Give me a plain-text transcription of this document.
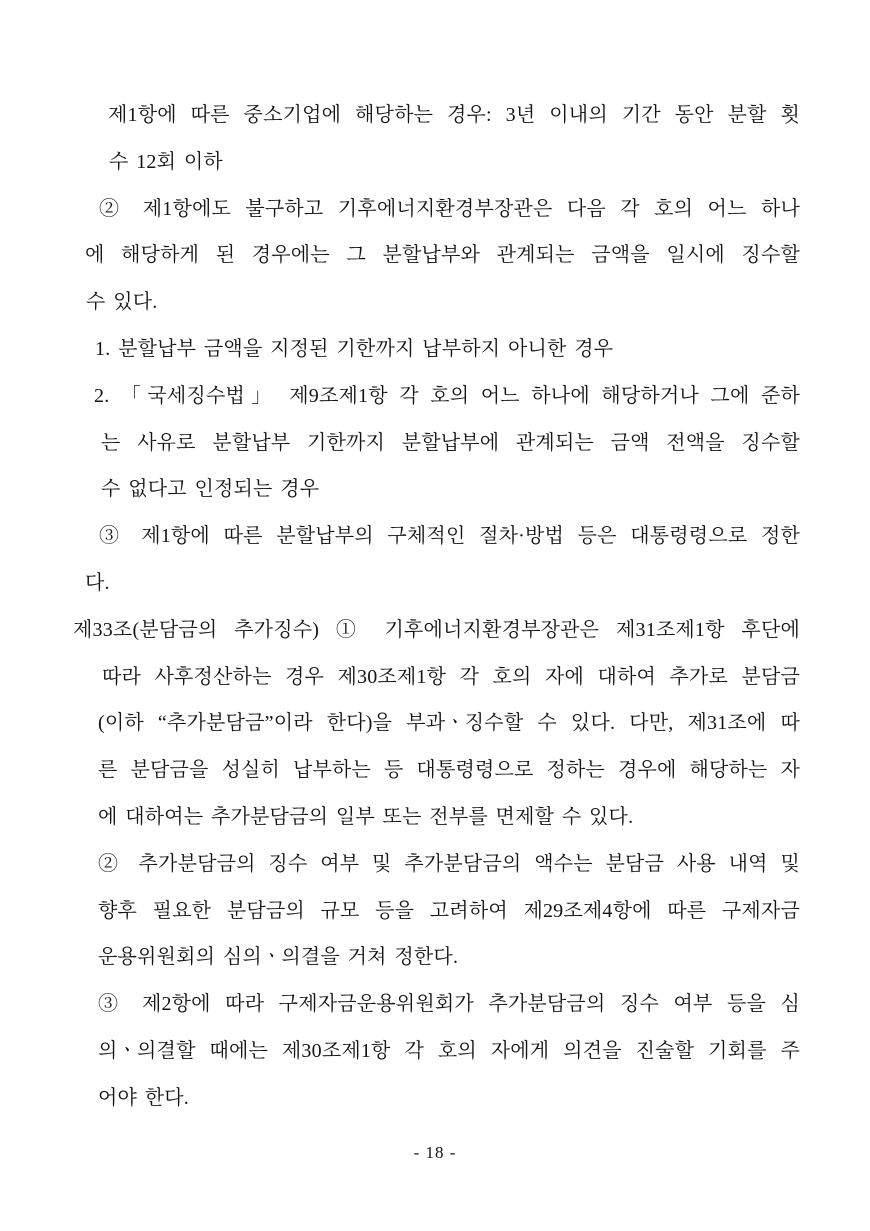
제1항에 따른 중소기업에 해당하는 경우: 3년 이내의 기간 동안 분할 횟
수 12회 이하
② 제1항에도 불구하고 기후에너지환경부장관은 다음 각 호의 어느 하나
에 해당하게 된 경우에는 그 분할납부와 관계되는 금액을 일시에 징수할
수 있다.
1. 분할납부 금액을 지정된 기한까지 납부하지 아니한 경우
2. 「국세징수법」 제9조제1항 각 호의 어느 하나에 해당하거나 그에 준하
는 사유로 분할납부 기한까지 분할납부에 관계되는 금액 전액을 징수할
수 없다고 인정되는 경우
③ 제1항에 따른 분할납부의 구체적인 절차·방법 등은 대통령령으로 정한
다.
제33조(분담금의 추가징수) ① 기후에너지환경부장관은 제31조제1항 후단에
따라 사후정산하는 경우 제30조제1항 각 호의 자에 대하여 추가로 분담금
(이하 “추가분담금”이라 한다)을 부과ㆍ징수할 수 있다. 다만, 제31조에 따
른 분담금을 성실히 납부하는 등 대통령령으로 정하는 경우에 해당하는 자
에 대하여는 추가분담금의 일부 또는 전부를 면제할 수 있다.
② 추가분담금의 징수 여부 및 추가분담금의 액수는 분담금 사용 내역 및
향후 필요한 분담금의 규모 등을 고려하여 제29조제4항에 따른 구제자금
운용위원회의 심의ㆍ의결을 거쳐 정한다.
③ 제2항에 따라 구제자금운용위원회가 추가분담금의 징수 여부 등을 심
의ㆍ의결할 때에는 제30조제1항 각 호의 자에게 의견을 진술할 기회를 주
어야 한다.
- 18 -
